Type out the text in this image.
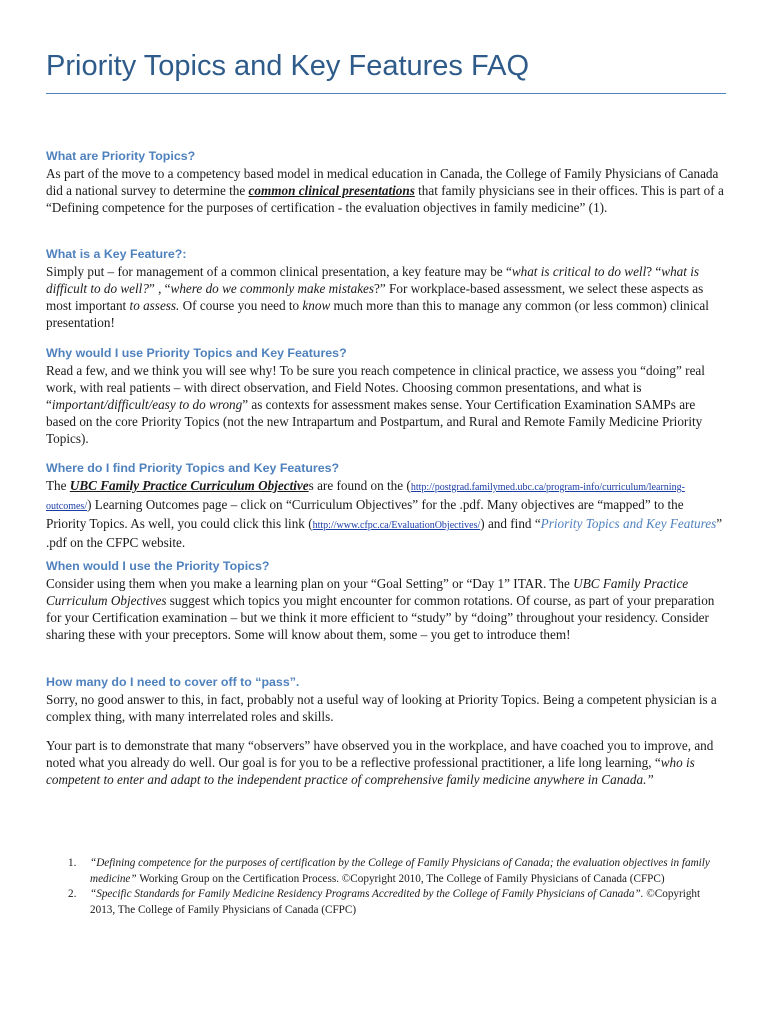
Priority Topics and Key Features FAQ
What are Priority Topics?

As part of the move to a competency based model in medical education in Canada, the College of Family Physicians of Canada did a national survey to determine the common clinical presentations that family physicians see in their offices. This is part of a “Defining competence for the purposes of certification - the evaluation objectives in family medicine” (1).

What is a Key Feature?:

Simply put – for management of a common clinical presentation, a key feature may be “what is critical to do well? “what is difficult to do well?” , “where do we commonly make mistakes?” For workplace-based assessment, we select these aspects as most important to assess. Of course you need to know much more than this to manage any common (or less common) clinical presentation!

Why would I use Priority Topics and Key Features?

Read a few, and we think you will see why! To be sure you reach competence in clinical practice, we assess you “doing” real work, with real patients – with direct observation, and Field Notes. Choosing common presentations, and what is “important/difficult/easy to do wrong” as contexts for assessment makes sense. Your Certification Examination SAMPs are based on the core Priority Topics (not the new Intrapartum and Postpartum, and Rural and Remote Family Medicine Priority Topics).

Where do I find Priority Topics and Key Features?

The UBC Family Practice Curriculum Objectives are found on the (http://postgrad.familymed.ubc.ca/program-info/curriculum/learning-outcomes/) Learning Outcomes page – click on “Curriculum Objectives” for the .pdf. Many objectives are “mapped” to the Priority Topics. As well, you could click this link (http://www.cfpc.ca/EvaluationObjectives/) and find “Priority Topics and Key Features” .pdf on the CFPC website.

When would I use the Priority Topics?

Consider using them when you make a learning plan on your “Goal Setting” or “Day 1” ITAR. The UBC Family Practice Curriculum Objectives suggest which topics you might encounter for common rotations. Of course, as part of your preparation for your Certification examination – but we think it more efficient to “study” by “doing” throughout your residency. Consider sharing these with your preceptors. Some will know about them, some – you get to introduce them!

How many do I need to cover off to “pass”.

Sorry, no good answer to this, in fact, probably not a useful way of looking at Priority Topics. Being a competent physician is a complex thing, with many interrelated roles and skills.

Your part is to demonstrate that many “observers” have observed you in the workplace, and have coached you to improve, and noted what you already do well. Our goal is for you to be a reflective professional practitioner, a life long learning, “who is competent to enter and adapt to the independent practice of comprehensive family medicine anywhere in Canada.”

1. “Defining competence for the purposes of certification by the College of Family Physicians of Canada; the evaluation objectives in family medicine” Working Group on the Certification Process. ©Copyright 2010, The College of Family Physicians of Canada (CFPC)
2. “Specific Standards for Family Medicine Residency Programs Accredited by the College of Family Physicians of Canada”. ©Copyright 2013, The College of Family Physicians of Canada (CFPC)
